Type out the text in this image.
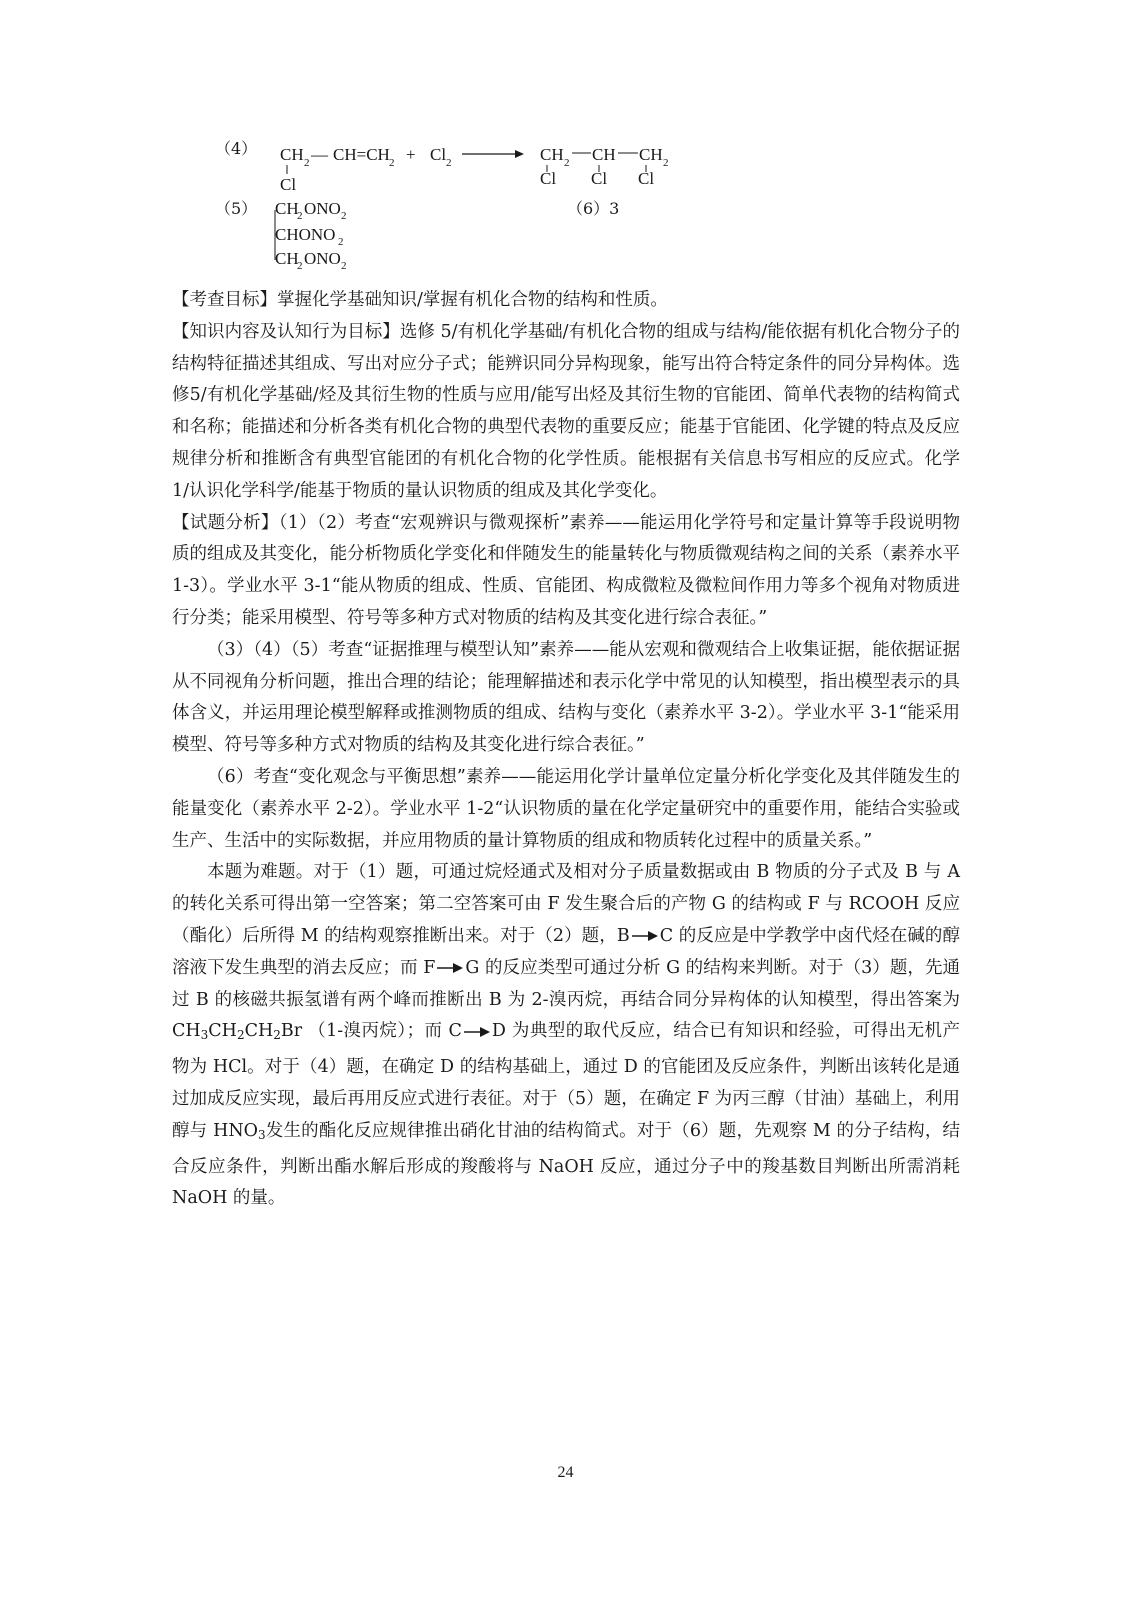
（4） CH 2 — CH=CH 2
Cl
+ Cl 2	CH 2 CH CH 2
Cl Cl Cl
（5） CH
2 ONO 2
CHONO 2
CH
2 ONO 2
（6）3

【考查目标】掌握化学基础知识/掌握有机化合物的结构和性质。

【知识内容及认知行为目标】选修 5/有机化学基础/有机化合物的组成与结构/能依据有机化合物分子的结构特征描述其组成、写出对应分子式；能辨识同分异构现象，能写出符合特定条件的同分异构体。选修5/有机化学基础/烃及其衍生物的性质与应用/能写出烃及其衍生物的官能团、简单代表物的结构简式和名称；能描述和分析各类有机化合物的典型代表物的重要反应；能基于官能团、化学键的特点及反应规律分析和推断含有典型官能团的有机化合物的化学性质。能根据有关信息书写相应的反应式。化学 1/认识化学科学/能基于物质的量认识物质的组成及其化学变化。

【试题分析】（1）（2）考查“宏观辨识与微观探析”素养——能运用化学符号和定量计算等手段说明物质的组成及其变化，能分析物质化学变化和伴随发生的能量转化与物质微观结构之间的关系（素养水平 1-3）。学业水平 3-1“能从物质的组成、性质、官能团、构成微粒及微粒间作用力等多个视角对物质进行分类；能采用模型、符号等多种方式对物质的结构及其变化进行综合表征。”

（3）（4）（5）考查“证据推理与模型认知”素养——能从宏观和微观结合上收集证据，能依据证据从不同视角分析问题，推出合理的结论；能理解描述和表示化学中常见的认知模型，指出模型表示的具体含义，并运用理论模型解释或推测物质的组成、结构与变化（素养水平 3-2）。学业水平 3-1“能采用模型、符号等多种方式对物质的结构及其变化进行综合表征。”

（6）考查“变化观念与平衡思想”素养——能运用化学计量单位定量分析化学变化及其伴随发生的能量变化（素养水平 2-2）。学业水平 1-2“认识物质的量在化学定量研究中的重要作用，能结合实验或生产、生活中的实际数据，并应用物质的量计算物质的组成和物质转化过程中的质量关系。”

本题为难题。对于（1）题，可通过烷烃通式及相对分子质量数据或由 B 物质的分子式及 B 与 A 的转化关系可得出第一空答案；第二空答案可由 F 发生聚合后的产物 G 的结构或 F 与 RCOOH 反应（酯化）后所得 M 的结构观察推断出来。对于（2）题，B C 的反应是中学教学中卤代烃在碱的醇溶液下发生典型的消去反应；而 F G 的反应类型可通过分析 G 的结构来判断。对于（3）题，先通过 B 的核磁共振氢谱有两个峰而推断出 B 为 2-溴丙烷，再结合同分异构体的认知模型，得出答案为 CH3CH2CH2Br （1-溴丙烷）；而 C D 为典型的取代反应，结合已有知识和经验，可得出无机产物为 HCl。对于（4）题，在确定 D 的结构基础上，通过 D 的官能团及反应条件，判断出该转化是通过加成反应实现，最后再用反应式进行表征。对于（5）题，在确定 F 为丙三醇（甘油）基础上，利用醇与 HNO3发生的酯化反应规律推出硝化甘油的结构简式。对于（6）题，先观察 M 的分子结构，结合反应条件，判断出酯水解后形成的羧酸将与 NaOH 反应，通过分子中的羧基数目判断出所需消耗 NaOH 的量。

24
